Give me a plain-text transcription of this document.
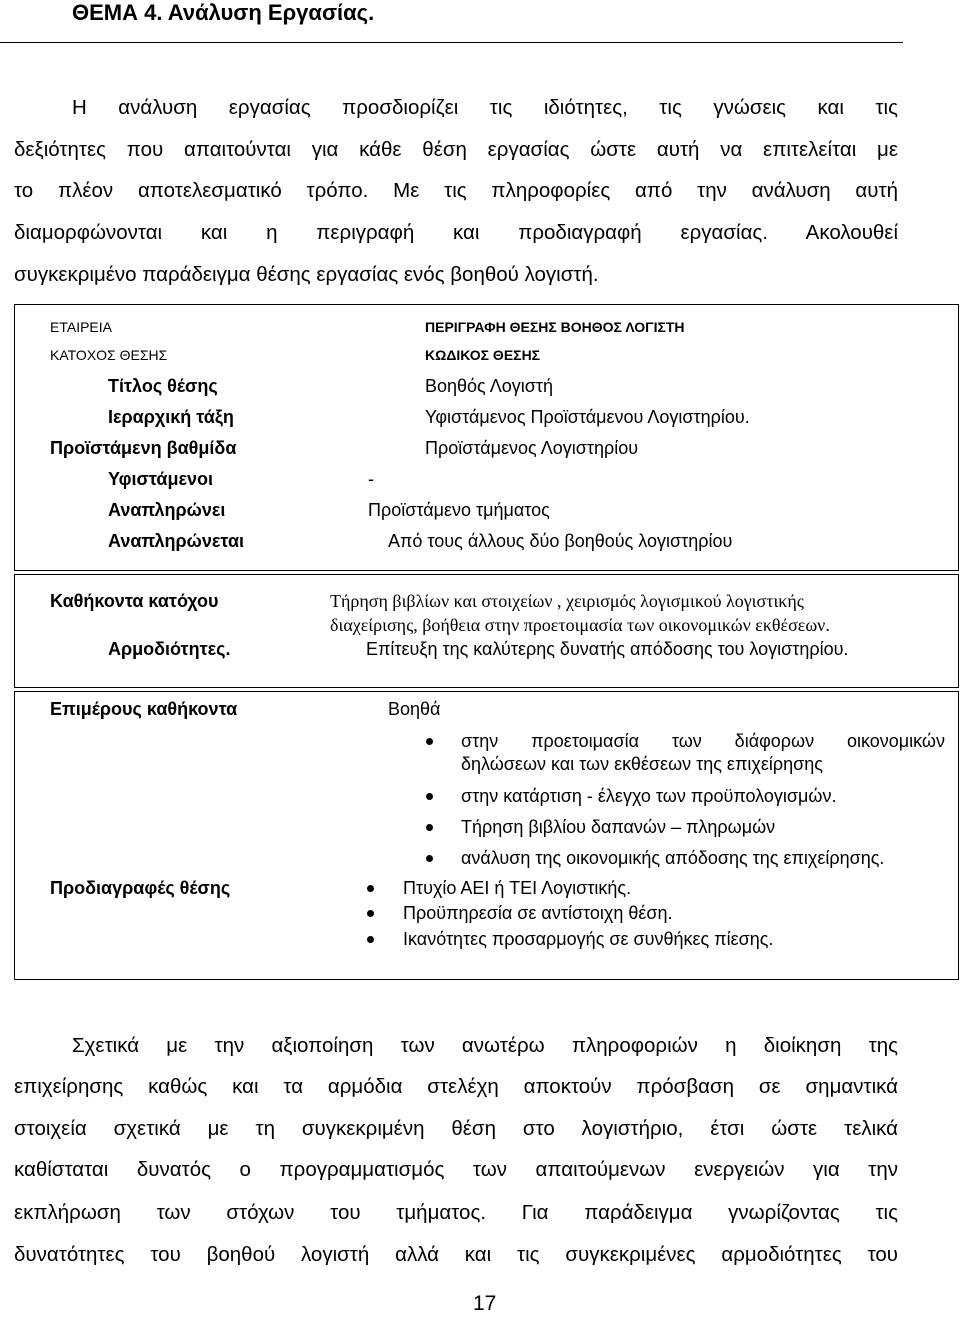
ΘΕΜΑ 4. Ανάλυση Εργασίας.
Η ανάλυση εργασίας προσδιορίζει τις ιδιότητες, τις γνώσεις και τις
δεξιότητες που απαιτούνται για κάθε θέση εργασίας ώστε αυτή να επιτελείται με
το πλέον αποτελεσματικό τρόπο. Με τις πληροφορίες από την ανάλυση αυτή
διαμορφώνονται και η περιγραφή και προδιαγραφή εργασίας. Ακολουθεί
συγκεκριμένο παράδειγμα θέσης εργασίας ενός βοηθού λογιστή.
ΕΤΑΙΡΕΙΑ	ΠΕΡΙΓΡΑΦΗ ΘΕΣΗΣ ΒΟΗΘΟΣ ΛΟΓΙΣΤΗ
ΚΑΤΟΧΟΣ ΘΕΣΗΣ	ΚΩΔΙΚΟΣ ΘΕΣΗΣ
Τίτλος θέσης	Βοηθός Λογιστή
Ιεραρχική τάξη	Υφιστάμενος Προϊστάμενου Λογιστηρίου.
Προϊστάμενη βαθμίδα	Προϊστάμενος Λογιστηρίου
Υφιστάμενοι	-
Αναπληρώνει	Προϊστάμενο τμήματος
Αναπληρώνεται	Από τους άλλους δύο βοηθούς λογιστηρίου
Καθήκοντα κατόχου	Τήρηση βιβλίων και στοιχείων , χειρισμός λογισμικού λογιστικής
διαχείρισης, βοήθεια στην προετοιμασία των οικονομικών εκθέσεων.
Αρμοδιότητες.	Επίτευξη της καλύτερης δυνατής απόδοσης του λογιστηρίου.
Επιμέρους καθήκοντα	Βοηθά
στην προετοιμασία των διάφορων οικονομικών
δηλώσεων και των εκθέσεων της επιχείρησης
στην κατάρτιση - έλεγχο των προϋπολογισμών.
Τήρηση βιβλίου δαπανών – πληρωμών
ανάλυση της οικονομικής απόδοσης της επιχείρησης.
Προδιαγραφές θέσης	Πτυχίο ΑΕΙ ή ΤΕΙ Λογιστικής.
Προϋπηρεσία σε αντίστοιχη θέση.
Ικανότητες προσαρμογής σε συνθήκες πίεσης.
Σχετικά με την αξιοποίηση των ανωτέρω πληροφοριών η διοίκηση της
επιχείρησης καθώς και τα αρμόδια στελέχη αποκτούν πρόσβαση σε σημαντικά
στοιχεία σχετικά με τη συγκεκριμένη θέση στο λογιστήριο, έτσι ώστε τελικά
καθίσταται δυνατός ο προγραμματισμός των απαιτούμενων ενεργειών για την
εκπλήρωση των στόχων του τμήματος. Για παράδειγμα γνωρίζοντας τις
δυνατότητες του βοηθού λογιστή αλλά και τις συγκεκριμένες αρμοδιότητες του
17
